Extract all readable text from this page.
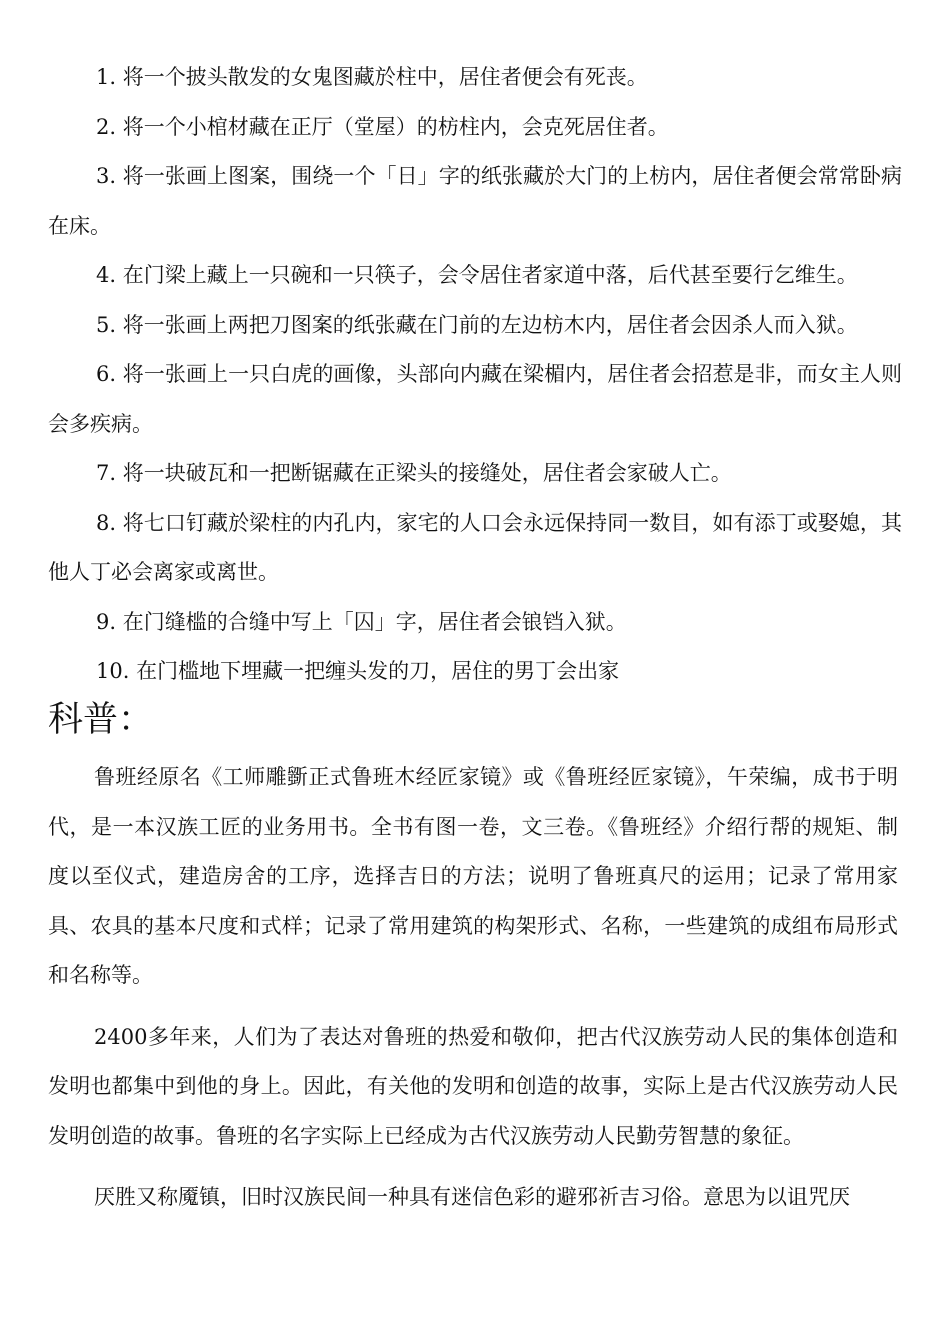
1. 将一个披头散发的女鬼图藏於柱中，居住者便会有死丧。

2. 将一个小棺材藏在正厅（堂屋）的枋柱内，会克死居住者。

3. 将一张画上图案，围绕一个「日」字的纸张藏於大门的上枋内，居住者便会常常卧病在床。

4. 在门梁上藏上一只碗和一只筷子，会令居住者家道中落，后代甚至要行乞维生。

5. 将一张画上两把刀图案的纸张藏在门前的左边枋木内，居住者会因杀人而入狱。

6. 将一张画上一只白虎的画像，头部向内藏在梁楣内，居住者会招惹是非，而女主人则会多疾病。

7. 将一块破瓦和一把断锯藏在正梁头的接缝处，居住者会家破人亡。

8. 将七口钉藏於梁柱的内孔内，家宅的人口会永远保持同一数目，如有添丁或娶媳，其他人丁必会离家或离世。

9. 在门缝槛的合缝中写上「囚」字，居住者会锒铛入狱。

10. 在门槛地下埋藏一把缠头发的刀，居住的男丁会出家

科普：

鲁班经原名《工师雕斵正式鲁班木经匠家镜》或《鲁班经匠家镜》，午荣编，成书于明代，是一本汉族工匠的业务用书。全书有图一卷，文三卷。《鲁班经》介绍行帮的规矩、制度以至仪式，建造房舍的工序，选择吉日的方法；说明了鲁班真尺的运用；记录了常用家具、农具的基本尺度和式样；记录了常用建筑的构架形式、名称，一些建筑的成组布局形式和名称等。

2400多年来，人们为了表达对鲁班的热爱和敬仰，把古代汉族劳动人民的集体创造和发明也都集中到他的身上。因此，有关他的发明和创造的故事，实际上是古代汉族劳动人民发明创造的故事。鲁班的名字实际上已经成为古代汉族劳动人民勤劳智慧的象征。

厌胜又称魇镇，旧时汉族民间一种具有迷信色彩的避邪祈吉习俗。意思为以诅咒厌
